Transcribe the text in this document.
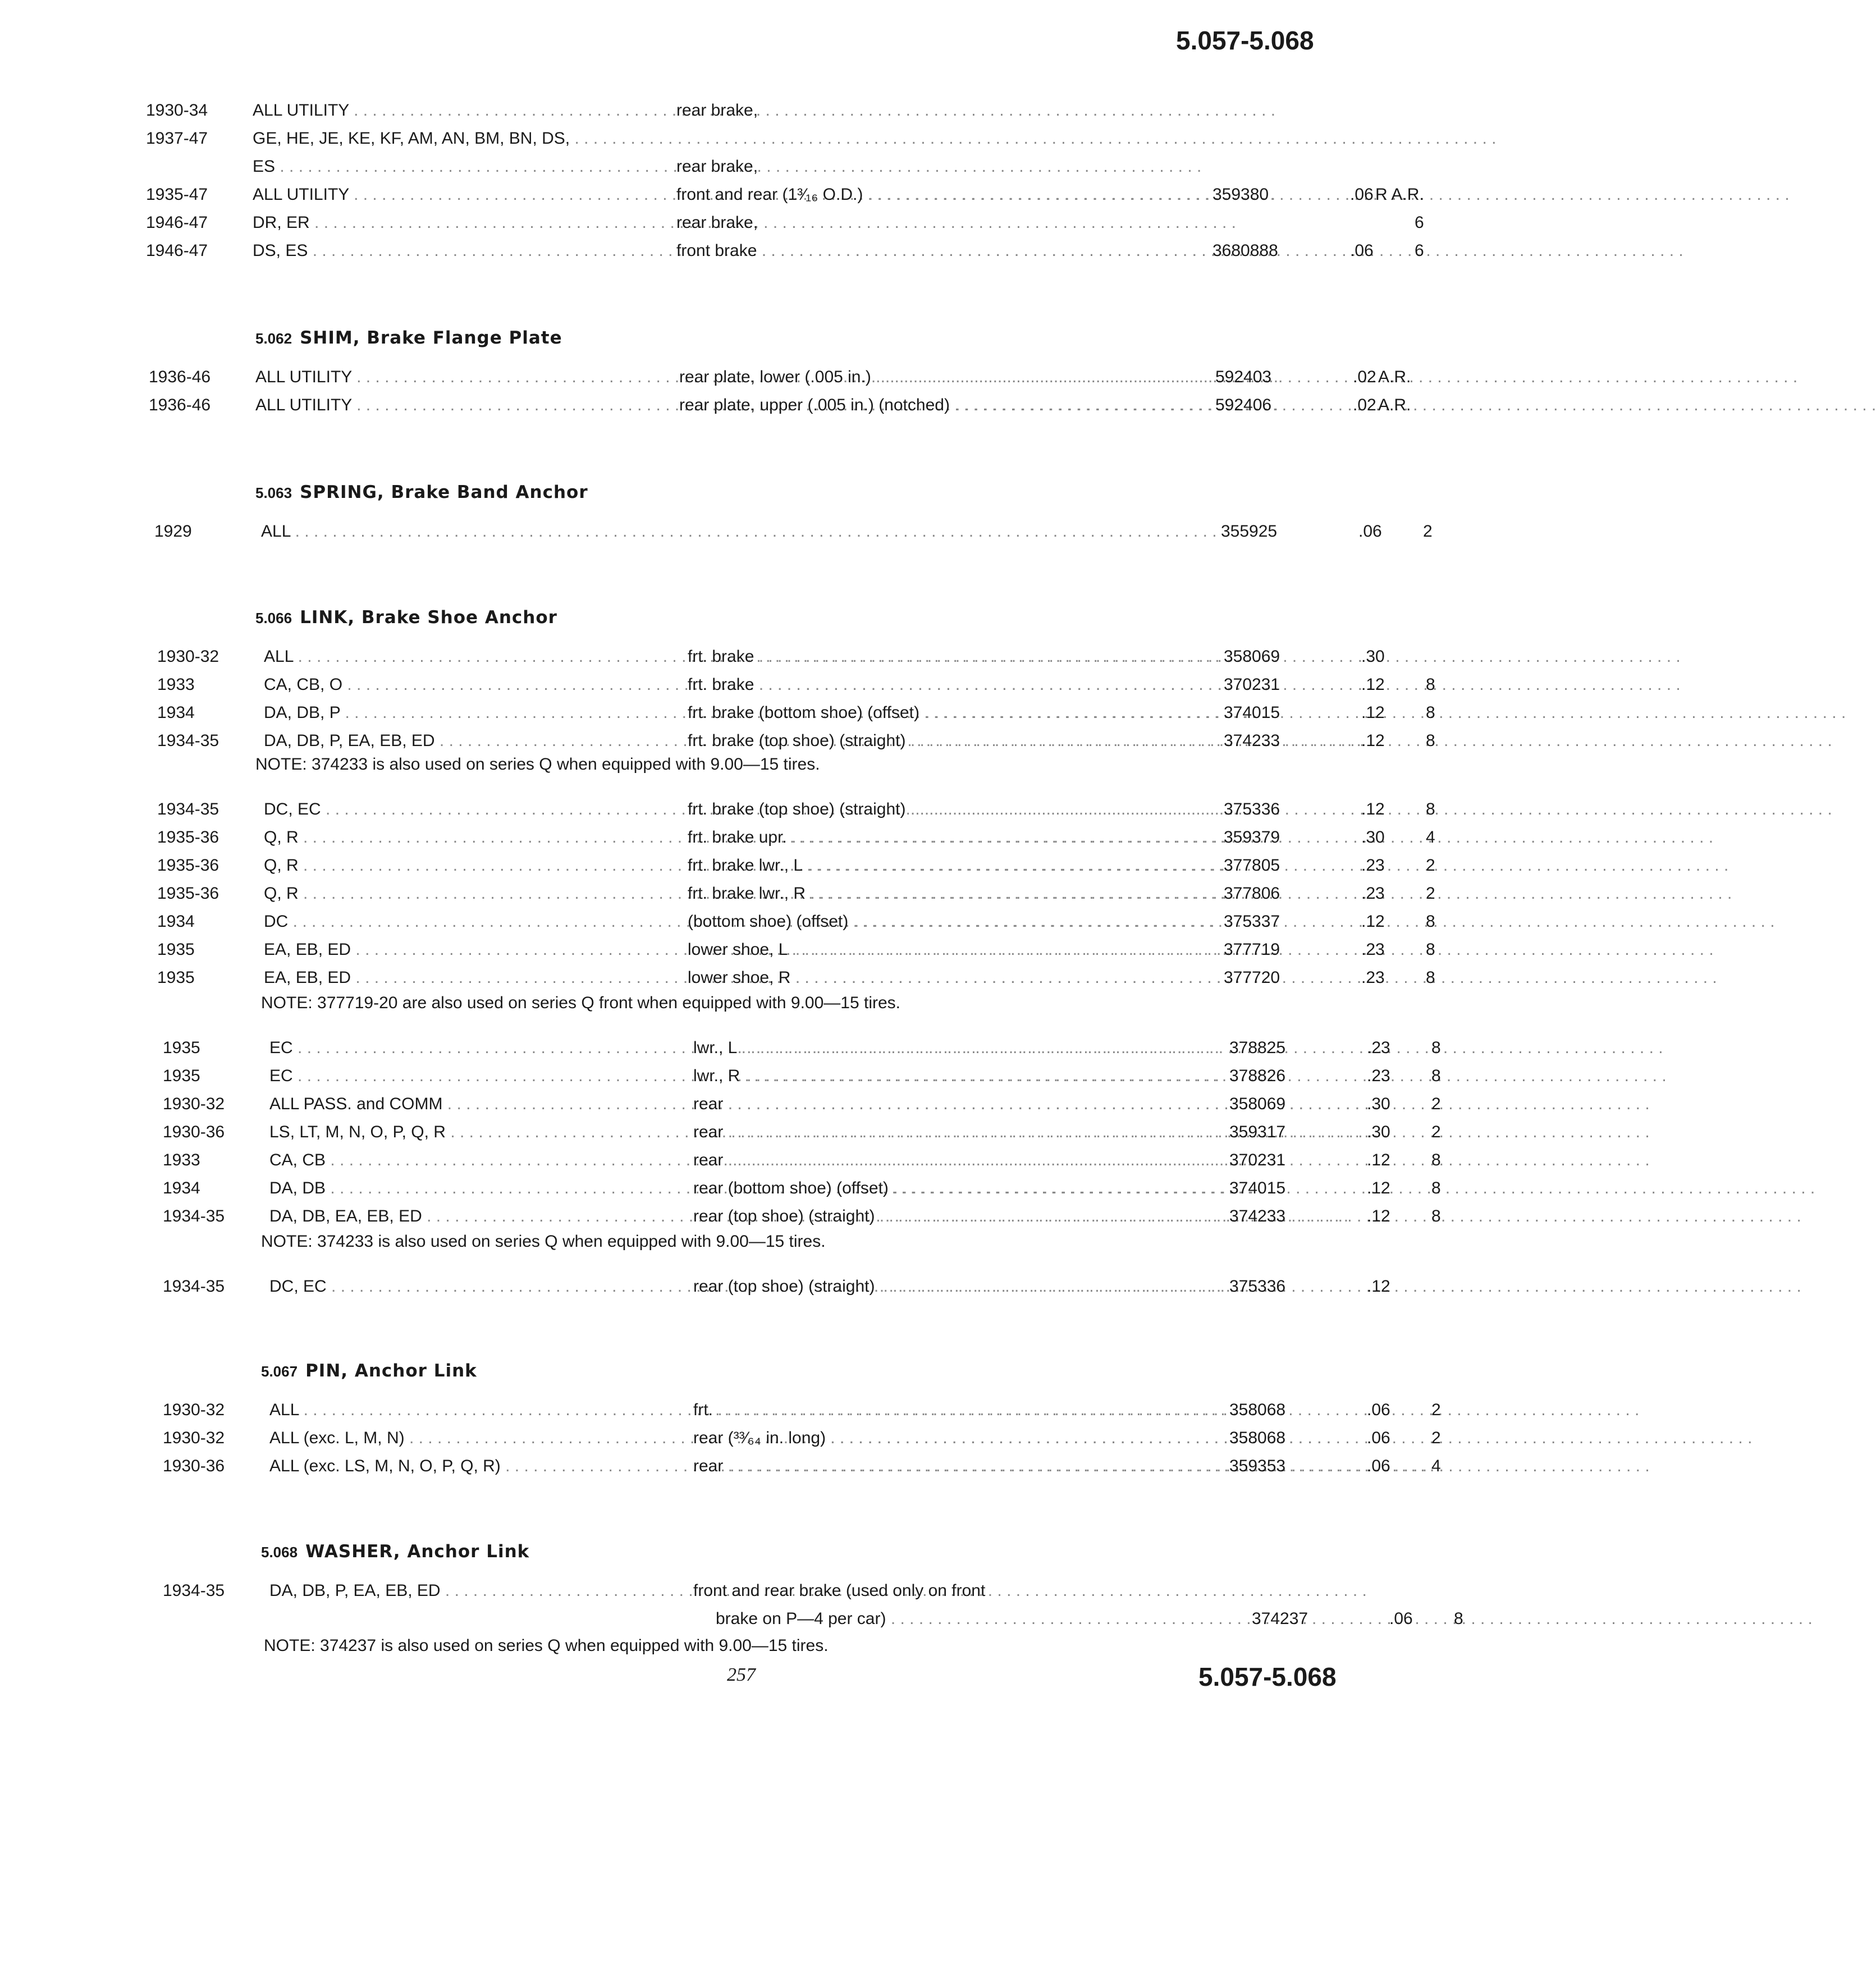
5.057-5.068
257	5.057-5.068
1930-34	ALL UTILITY . . .	rear brake,
1937-47	GE, HE, JE, KE, KF, AM, AN, BM, BN, DS, . . .
ES . . .	rear brake,
1935-47	ALL UTILITY . . .	front and rear (1³⁄₁₆ O.D.) . . .	359380	.06 R A.R.
1946-47	DR, ER . . .	rear brake,	6
1946-47	DS, ES . . .	front brake . . .	3680888	.06 6
5.062 SHIM, Brake Flange Plate
1936-46	ALL UTILITY . . .	rear plate, lower (.005 in.) . . .	592403	.02 A.R.
1936-46	ALL UTILITY . . .	rear plate, upper (.005 in.) (notched) . . .	592406	.02 A.R.
5.063 SPRING, Brake Band Anchor
1929	ALL . . .	355925	.06 2
5.066 LINK, Brake Shoe Anchor
1930-32	ALL . . .	frt. brake . . .	358069	.30
1933	CA, CB, O . . .	frt. brake . . .	370231	.12 8
1934	DA, DB, P . . .	frt. brake (bottom shoe) (offset) . . .	374015	.12 8
1934-35	DA, DB, P, EA, EB, ED . . .	frt. brake (top shoe) (straight) . . .	374233	.12 8
NOTE: 374233 is also used on series Q when equipped with 9.00—15 tires.
1934-35	DC, EC . . .	frt. brake (top shoe) (straight) . . .	375336	.12 8
1935-36	Q, R . . .	frt. brake upr. . . .	359379	.30 4
1935-36	Q, R . . .	frt. brake lwr., L . . .	377805	.23 2
1935-36	Q, R . . .	frt. brake lwr., R . . .	377806	.23 2
1934	DC . . .	(bottom shoe) (offset) . . .	375337	.12 8
1935	EA, EB, ED . . .	lower shoe, L . . .	377719	.23 8
1935	EA, EB, ED . . .	lower shoe, R . . .	377720	.23 8
NOTE: 377719-20 are also used on series Q front when equipped with 9.00—15 tires.
1935	EC . . .	lwr., L . . .	378825	.23 8
1935	EC . . .	lwr., R . . .	378826	.23 8
1930-32	ALL PASS. and COMM . . .	rear . . .	358069	.30 2
1930-36	LS, LT, M, N, O, P, Q, R . . .	rear . . .	359317	.30 2
1933	CA, CB . . .	rear . . .	370231	.12 8
1934	DA, DB . . .	rear (bottom shoe) (offset) . . .	374015	.12 8
1934-35	DA, DB, EA, EB, ED . . .	rear (top shoe) (straight) . . .	374233	.12 8
NOTE: 374233 is also used on series Q when equipped with 9.00—15 tires.
1934-35	DC, EC . . .	rear (top shoe) (straight) . . .	375336	.12
5.067 PIN, Anchor Link
1930-32	ALL . . .	frt. . . .	358068	.06 2
1930-32	ALL (exc. L, M, N) . . .	rear (³³⁄₆₄ in. long) . . .	358068	.06 2
1930-36	ALL (exc. LS, M, N, O, P, Q, R) . . .	rear . . .	359353	.06 4
5.068 WASHER, Anchor Link
1934-35	DA, DB, P, EA, EB, ED . . .	front and rear brake (used only on front
brake on P—4 per car) . . .	374237	.06 8
NOTE: 374237 is also used on series Q when equipped with 9.00—15 tires.
